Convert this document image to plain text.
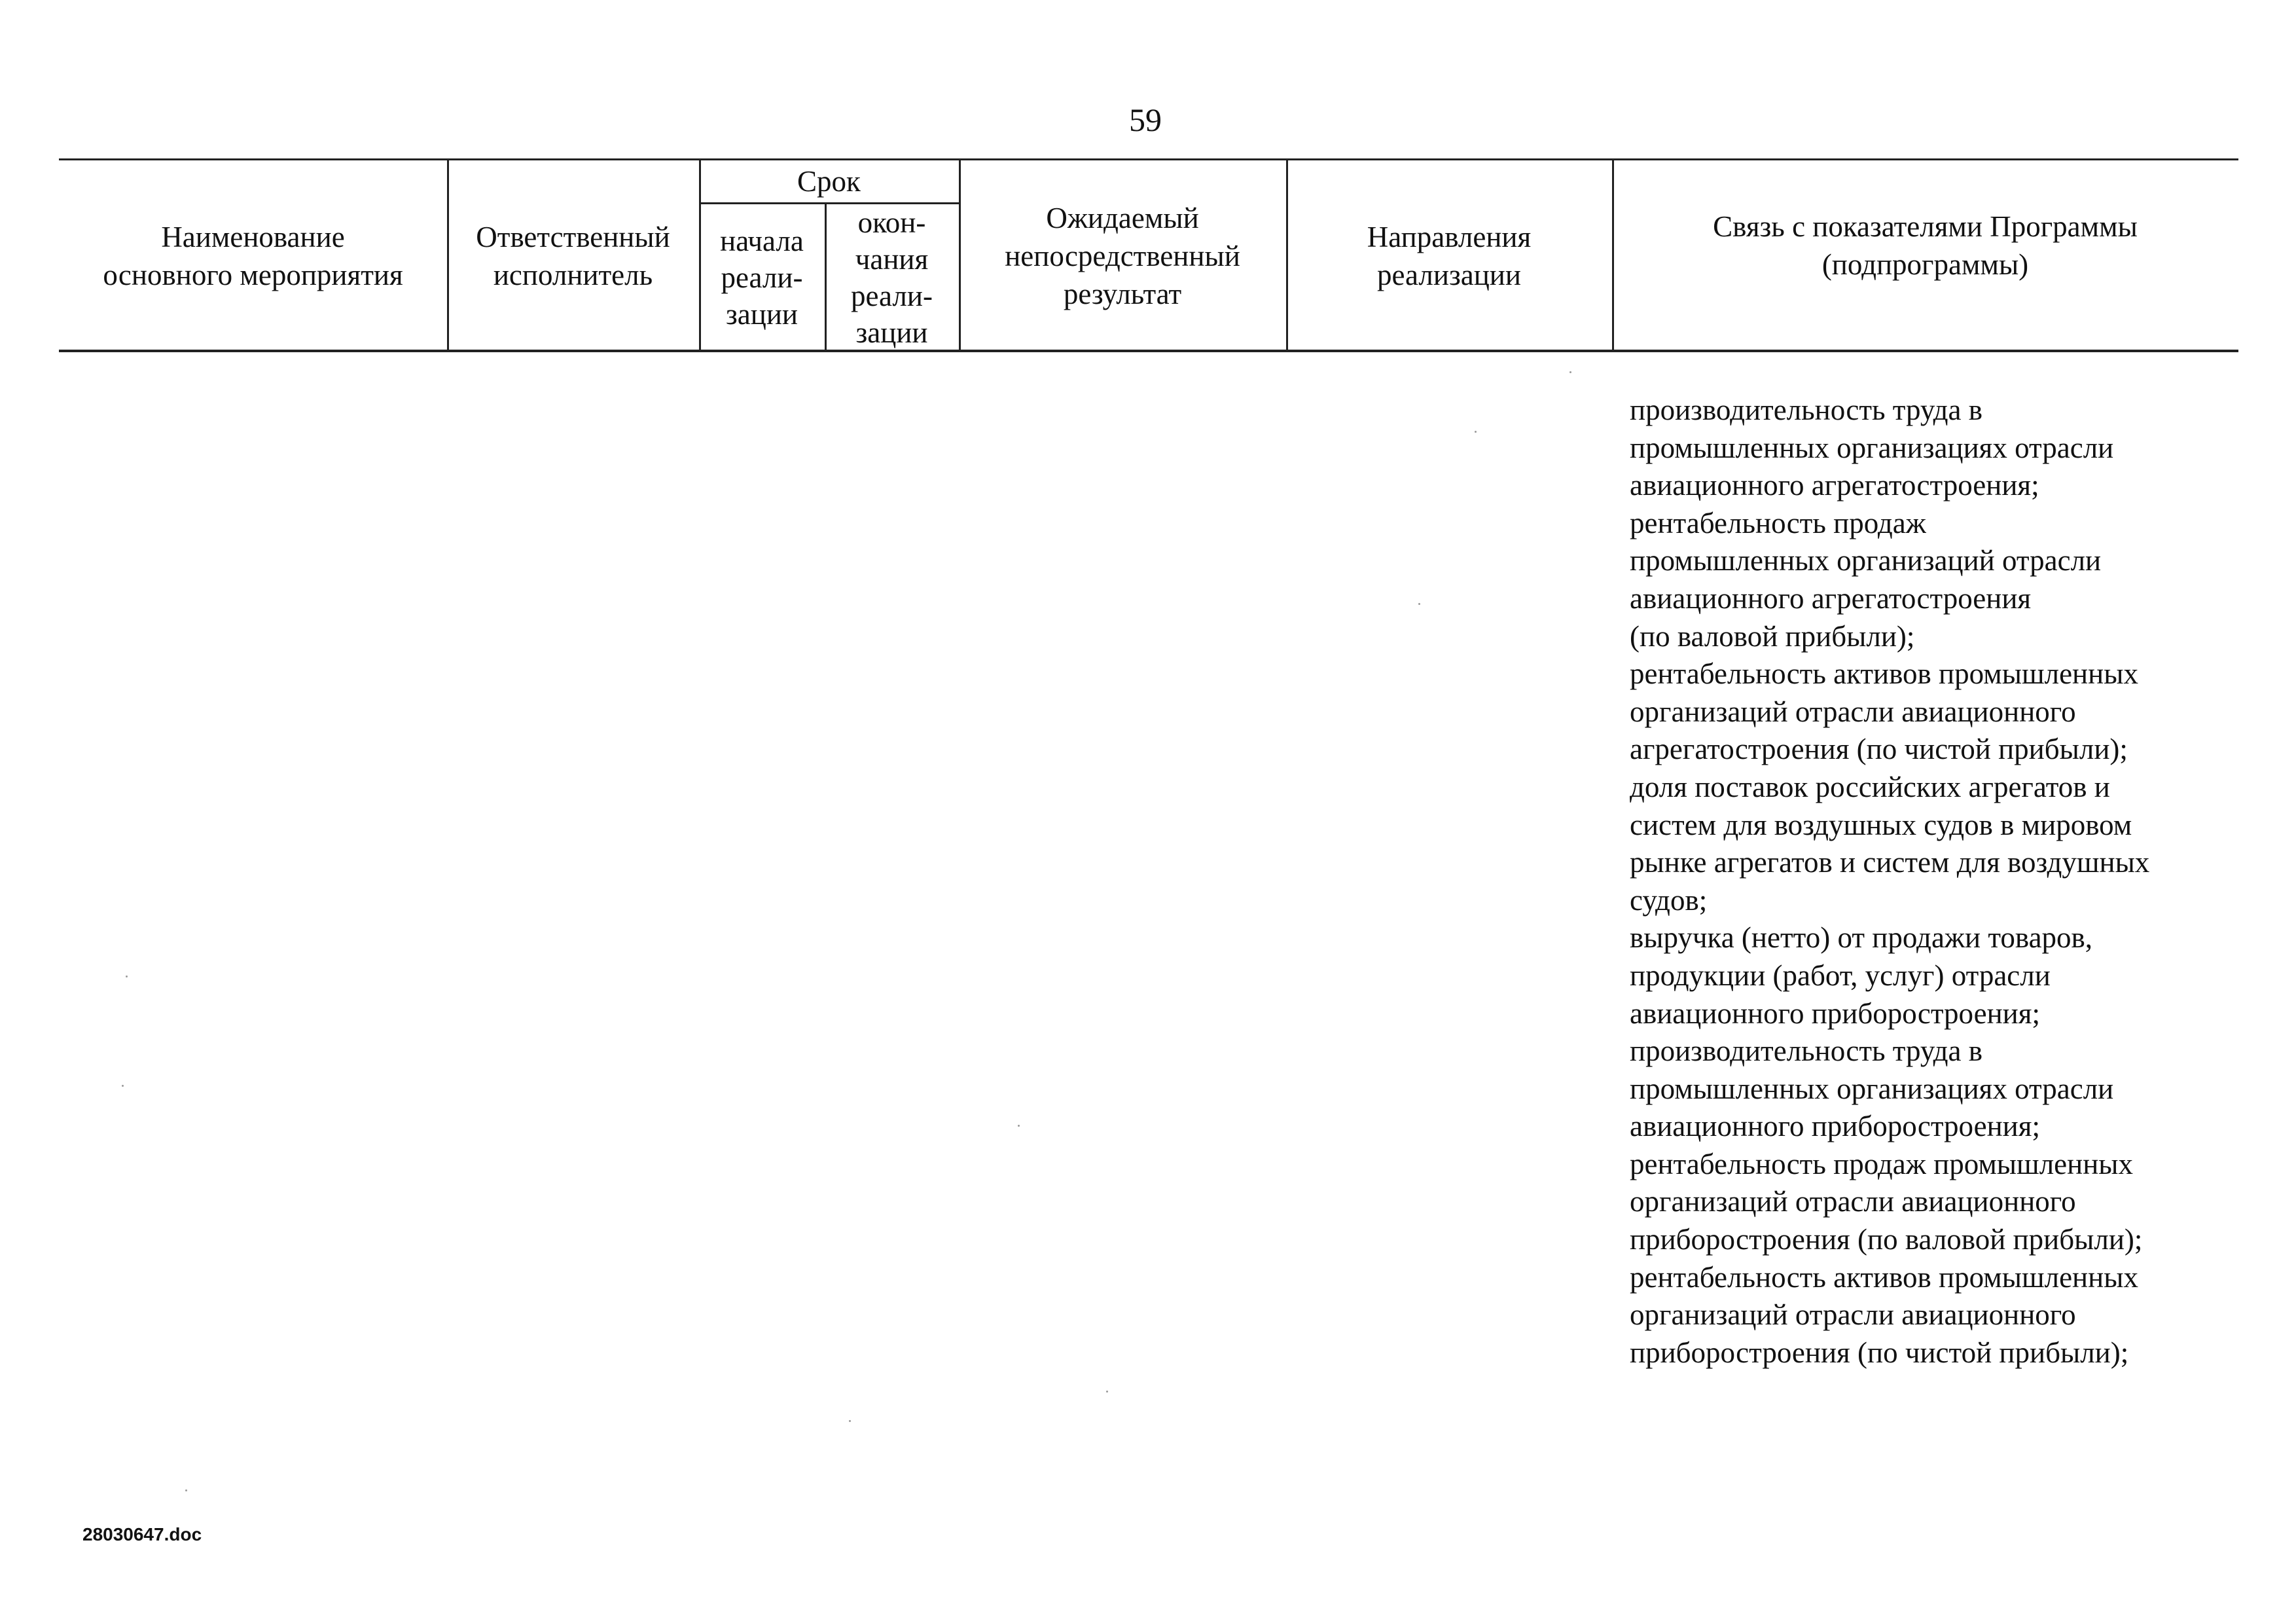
59
Наименование
основного мероприятия
Ответственный
исполнитель
Срок
начала
реали-
зации
окон-
чания
реали-
зации
Ожидаемый
непосредственный
результат
Направления
реализации
Связь с показателями Программы
(подпрограммы)
производительность труда в
промышленных организациях отрасли
авиационного агрегатостроения;
рентабельность продаж
промышленных организаций отрасли
авиационного агрегатостроения
(по валовой прибыли);
рентабельность активов промышленных
организаций отрасли авиационного
агрегатостроения (по чистой прибыли);
доля поставок российских агрегатов и
систем для воздушных судов в мировом
рынке агрегатов и систем для воздушных
судов;
выручка (нетто) от продажи товаров,
продукции (работ, услуг) отрасли
авиационного приборостроения;
производительность труда в
промышленных организациях отрасли
авиационного приборостроения;
рентабельность продаж промышленных
организаций отрасли авиационного
приборостроения (по валовой прибыли);
рентабельность активов промышленных
организаций отрасли авиационного
приборостроения (по чистой прибыли);
28030647.doc
